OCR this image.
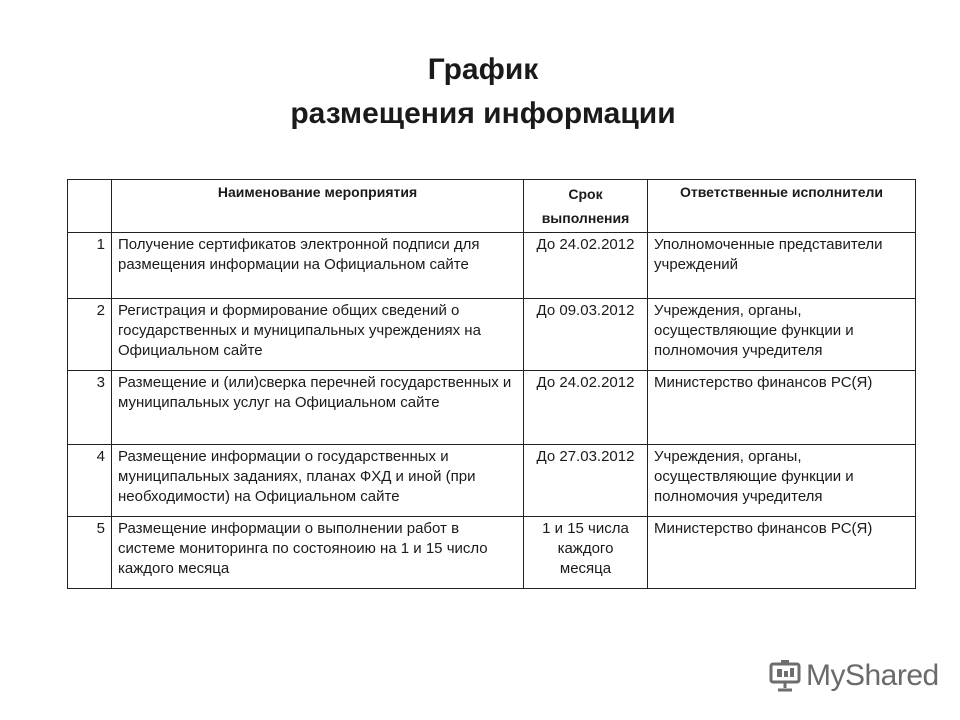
График
размещения информации
	Наименование мероприятия	Срок выполнения	Ответственные исполнители
1	Получение сертификатов электронной подписи для размещения информации на Официальном сайте	До 24.02.2012	Уполномоченные представители учреждений
2	Регистрация и формирование общих сведений о государственных и муниципальных учреждениях на Официальном сайте	До 09.03.2012	Учреждения, органы, осуществляющие функции и полномочия учредителя
3	Размещение и (или)сверка перечней государственных и муниципальных услуг на Официальном сайте	До 24.02.2012	Министерство финансов РС(Я)
4	Размещение информации о государственных и муниципальных заданиях, планах ФХД и иной (при необходимости) на Официальном сайте	До 27.03.2012	Учреждения, органы, осуществляющие функции и полномочия учредителя
5	Размещение информации о выполнении работ в системе мониторинга по состояноию на 1 и 15 число каждого месяца	1 и 15 числа каждого месяца	Министерство финансов РС(Я)
MyShared
